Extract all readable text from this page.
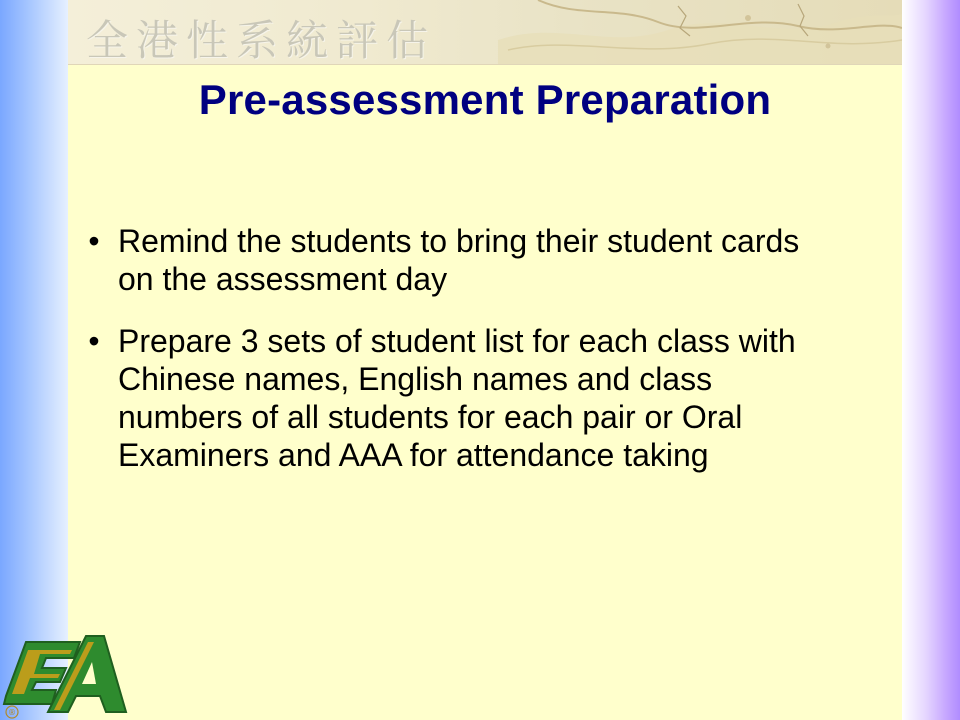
全港性系統評估
Pre-assessment Preparation
• Remind the students to bring their student cards on the assessment day
• Prepare 3 sets of student list for each class with Chinese names, English names and class numbers of all students for each pair or Oral Examiners and AAA for attendance taking
®
